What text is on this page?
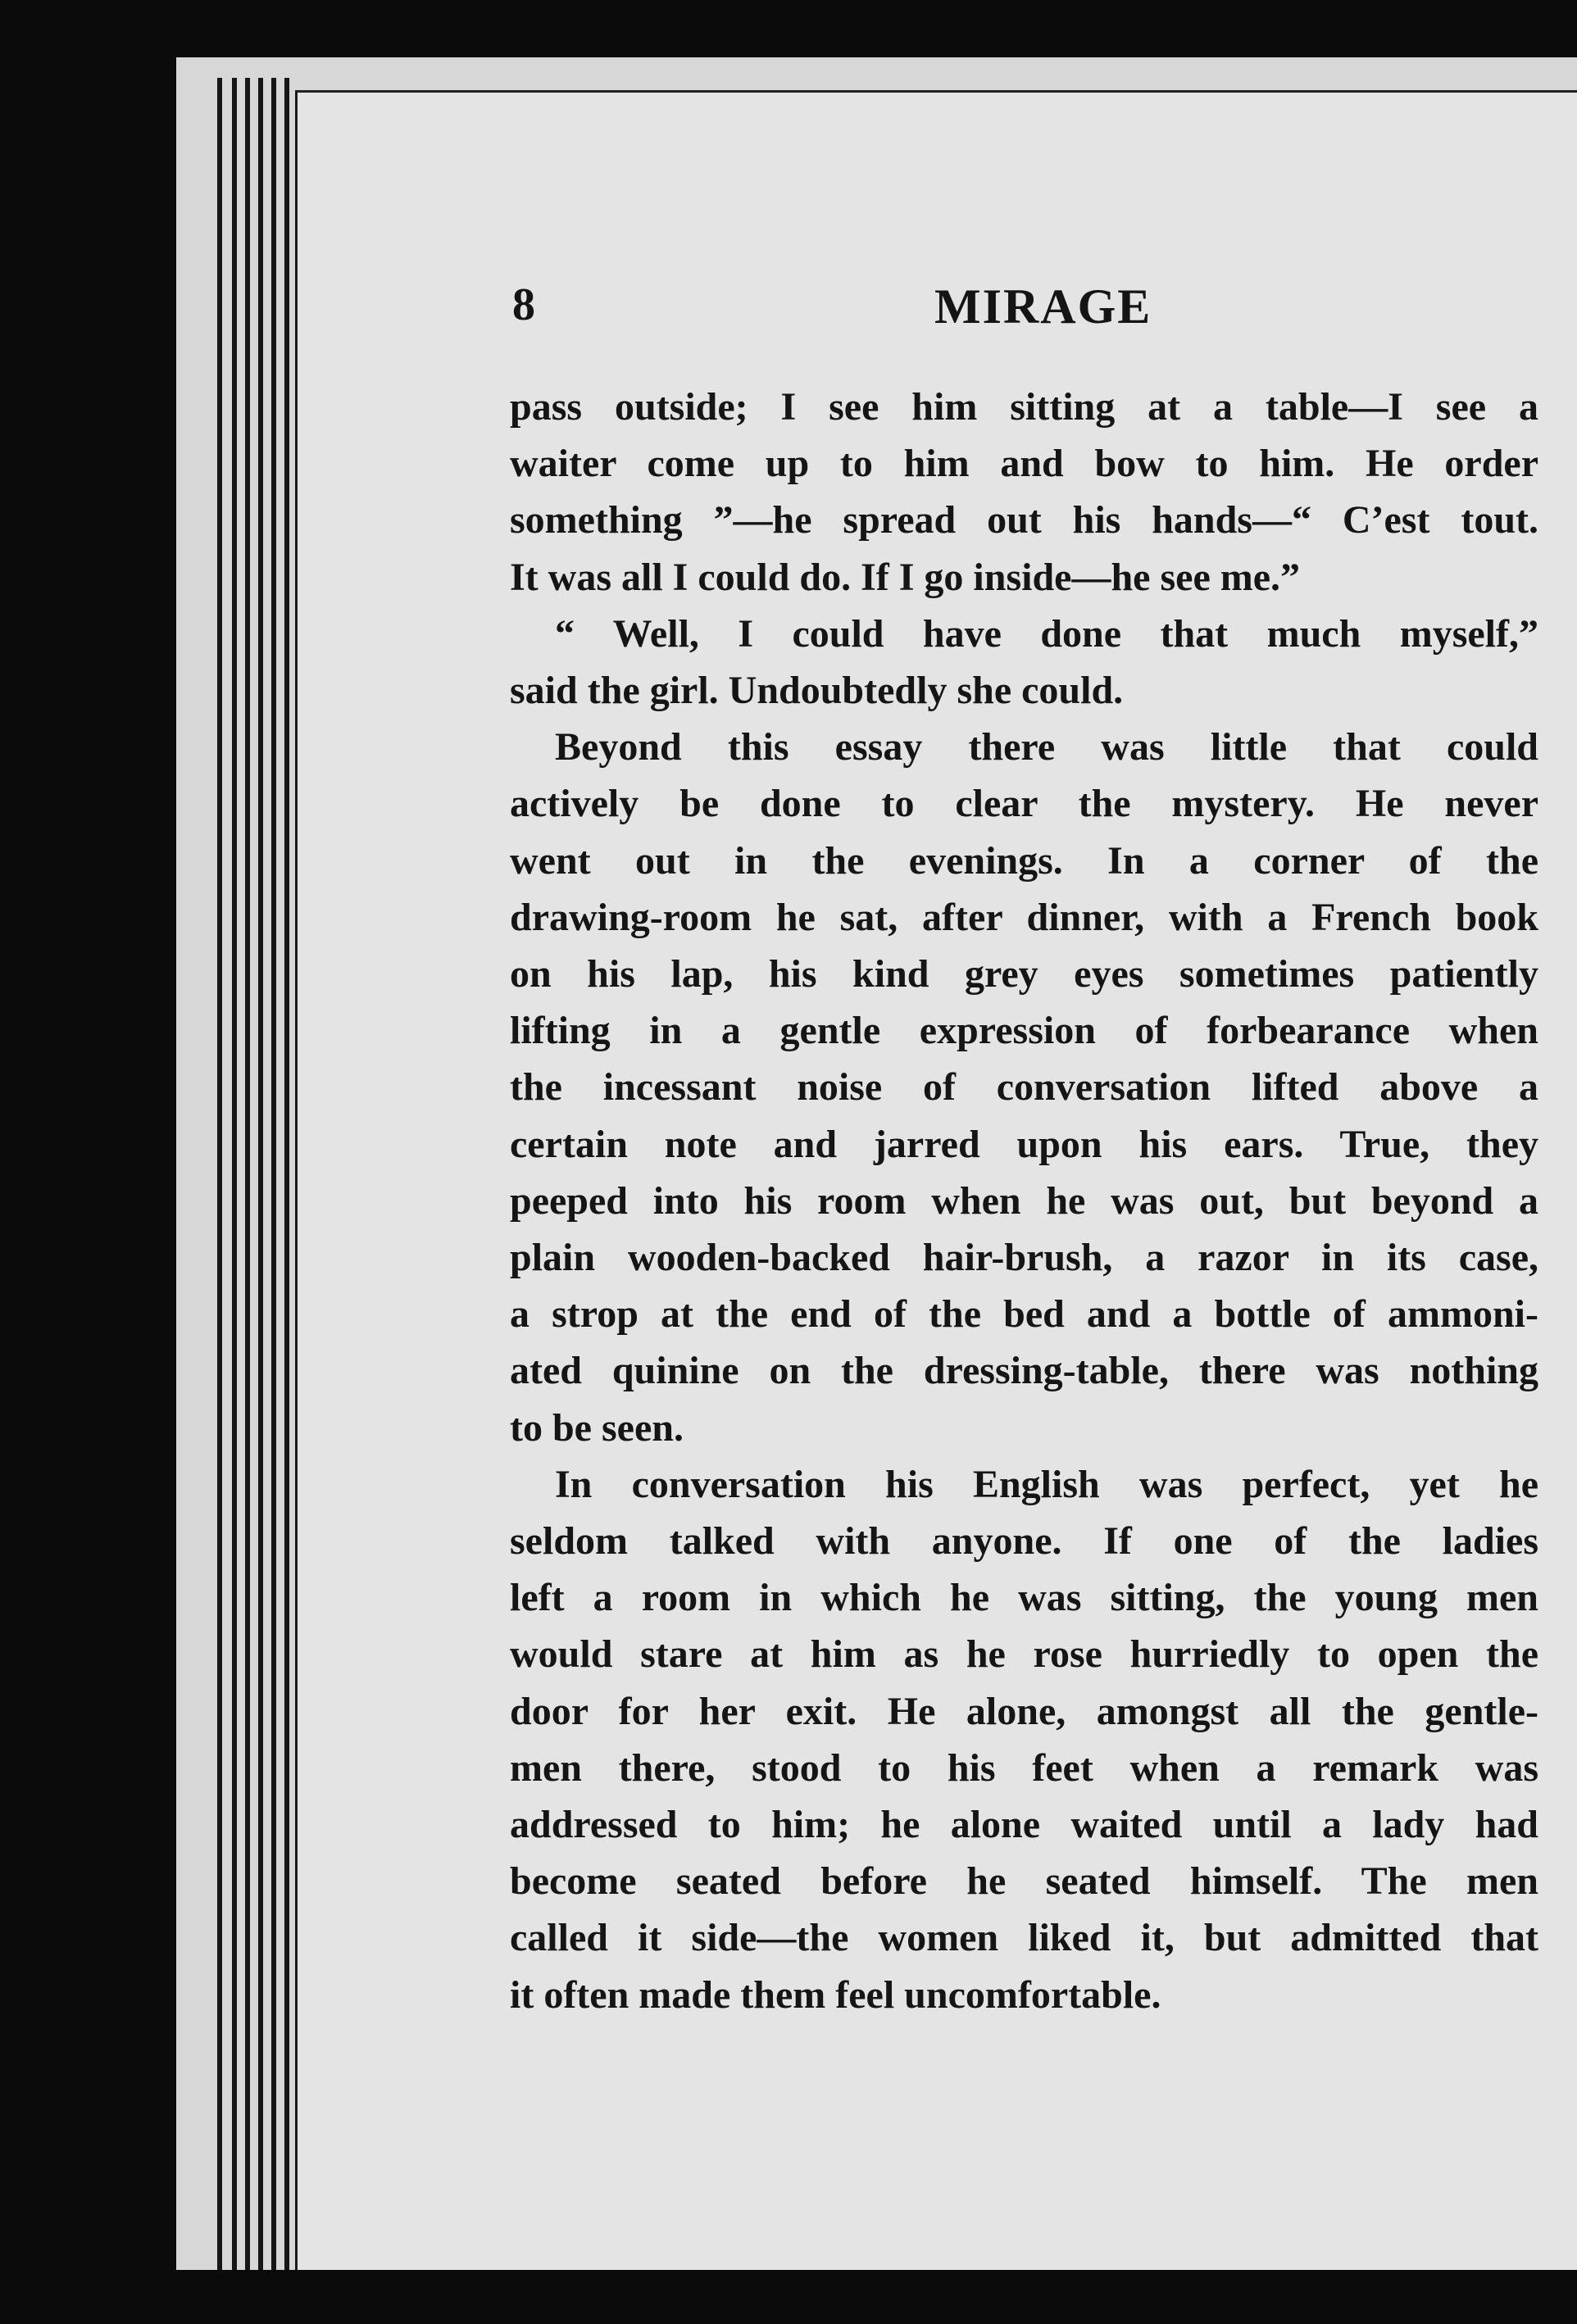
8	MIRAGE
pass outside; I see him sitting at a table—I see a
waiter come up to him and bow to him. He order
something ”—he spread out his hands—“ C’est tout.
It was all I could do. If I go inside—he see me.”
“ Well, I could have done that much myself,”
said the girl. Undoubtedly she could.
Beyond this essay there was little that could
actively be done to clear the mystery. He never
went out in the evenings. In a corner of the
drawing-room he sat, after dinner, with a French book
on his lap, his kind grey eyes sometimes patiently
lifting in a gentle expression of forbearance when
the incessant noise of conversation lifted above a
certain note and jarred upon his ears. True, they
peeped into his room when he was out, but beyond a
plain wooden-backed hair-brush, a razor in its case,
a strop at the end of the bed and a bottle of ammoni-
ated quinine on the dressing-table, there was nothing
to be seen.
In conversation his English was perfect, yet he
seldom talked with anyone. If one of the ladies
left a room in which he was sitting, the young men
would stare at him as he rose hurriedly to open the
door for her exit. He alone, amongst all the gentle-
men there, stood to his feet when a remark was
addressed to him; he alone waited until a lady had
become seated before he seated himself. The men
called it side—the women liked it, but admitted that
it often made them feel uncomfortable.
